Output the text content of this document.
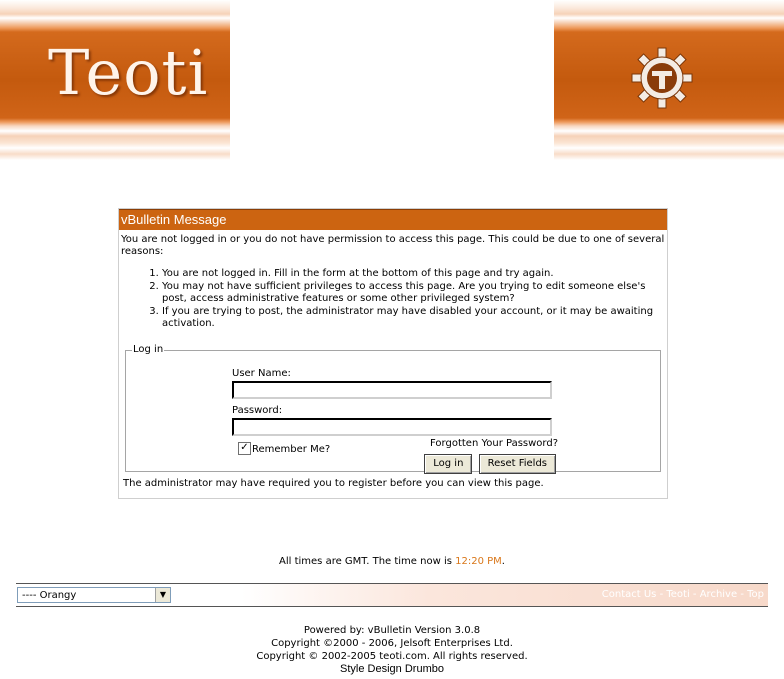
Teoti
vBulletin Message
You are not logged in or you do not have permission to access this page. This could be due to one of several reasons:
1. You are not logged in. Fill in the form at the bottom of this page and try again.
2. You may not have sufficient privileges to access this page. Are you trying to edit someone else's post, access administrative features or some other privileged system?
3. If you are trying to post, the administrator may have disabled your account, or it may be awaiting activation.
Log in
User Name:
Password:
✓ Remember Me?
Forgotten Your Password?
Log in Reset Fields
The administrator may have required you to register before you can view this page.
All times are GMT. The time now is 12:20 PM.
---- Orangy	▼	Contact Us - Teoti - Archive - Top
Powered by: vBulletin Version 3.0.8
Copyright ©2000 - 2006, Jelsoft Enterprises Ltd.
Copyright © 2002-2005 teoti.com. All rights reserved.
Style Design Drumbo
